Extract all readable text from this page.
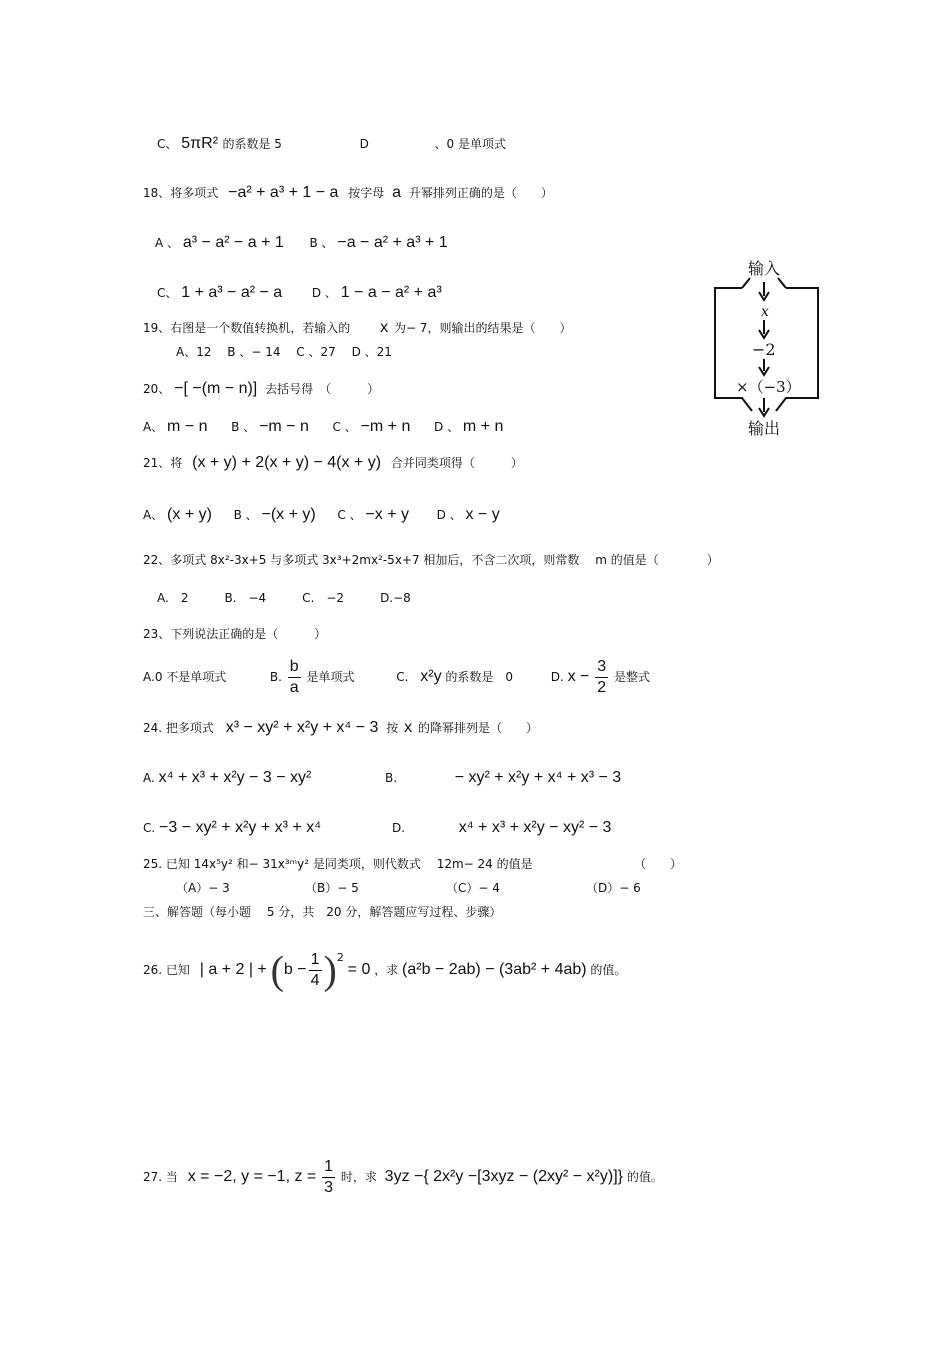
C、 5πR² 的系数是 5	D	、0 是单项式
18、将多项式 −a² + a³ + 1 − a 按字母 a 升幂排列正确的是（　　）
A 、 a³ − a² − a + 1 B 、 −a − a² + a³ + 1
C、 1 + a³ − a² − a D 、 1 − a − a² + a³
19、右图是一个数值转换机，若输入的 x 为− 7，则输出的结果是（　　）
A、12　 B 、− 14　 C 、27　 D 、21
20、 −[ −(m − n)] 去括号得　（　　　）
A、 m − n B 、 −m − n C 、 −m + n D 、 m + n
21、将 (x + y) + 2(x + y) − 4(x + y) 合并同类项得（　　　）
A、 (x + y) B 、 −(x + y) C 、 −x + y D 、 x − y
22、多项式 8x²-3x+5 与多项式 3x³+2mx²-5x+7 相加后，不含二次项，则常数　 m 的值是（　　　　）
A.　2　　　B.　−4　　　C.　−2　　　D.−8
23、下列说法正确的是（　　　）
A.0 不是单项式	B. $\frac{b}{a}$ 是单项式	C. x²y 的系数是　0	D. $x - \frac{3}{2}$ 是整式
24. 把多项式 x³ − xy² + x²y + x⁴ − 3 按 x 的降幂排列是（　　）
A. x⁴ + x³ + x²y − 3 − xy²	B.	− xy² + x²y + x⁴ + x³ − 3
C. −3 − xy² + x²y + x³ + x⁴	D.	x⁴ + x³ + x²y − xy² − 3
25. 已知 14x⁵y² 和− 31x³ᵐy² 是同类项，则代数式　 12m− 24 的值是	（　　）
（A）− 3	（B）− 5	（C）− 4	（D）− 6
三、解答题（每小题　 5 分，共　20 分，解答题应写过程、步骤）
26. 已知 | a + 2 | + $(b - \frac{1}{4} )^2 = 0$ ，求 (a²b − 2ab) − (3ab² + 4ab) 的值。
27. 当 x = −2, y = −1, $z = \frac{1}{3}$ 时，求 3yz −{ 2x²y −[3xyz − (2xy² − x²y)]} 的值。
输入
x
−2
×（−3）
输出
